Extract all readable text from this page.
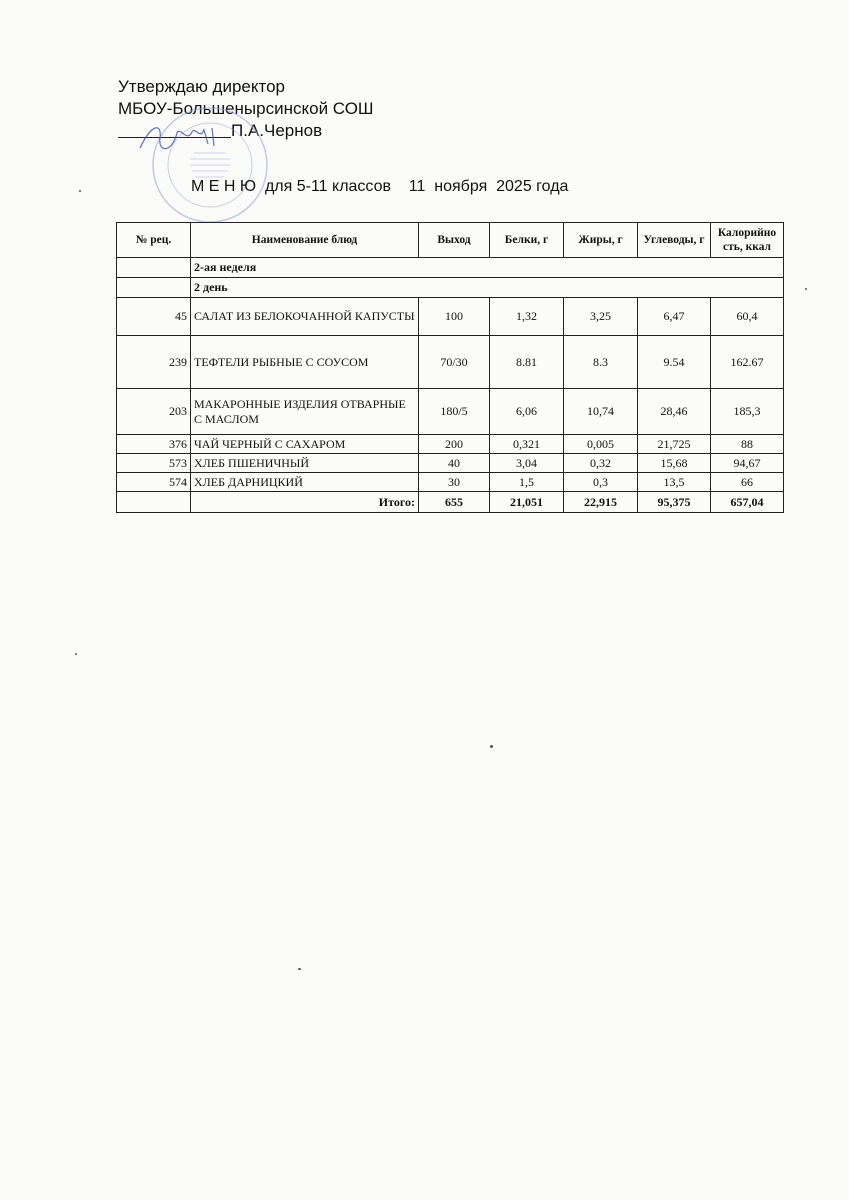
Утверждаю директор
МБОУ-Большенырсинской СОШ
П.А.Чернов
М Е Н Ю  для 5-11 классов    11  ноября  2025 года
№ рец.	Наименование блюд	Выход	Белки, г	Жиры, г	Углеводы, г	Калорийно сть, ккал
	2-ая неделя					
	2 день					
45	САЛАТ ИЗ БЕЛОКОЧАННОЙ КАПУСТЫ	100	1,32	3,25	6,47	60,4
239	ТЕФТЕЛИ РЫБНЫЕ С СОУСОМ	70/30	8.81	8.3	9.54	162.67
203	МАКАРОННЫЕ ИЗДЕЛИЯ ОТВАРНЫЕ С МАСЛОМ	180/5	6,06	10,74	28,46	185,3
376	ЧАЙ ЧЕРНЫЙ С САХАРОМ	200	0,321	0,005	21,725	88
573	ХЛЕБ ПШЕНИЧНЫЙ	40	3,04	0,32	15,68	94,67
574	ХЛЕБ ДАРНИЦКИЙ	30	1,5	0,3	13,5	66
	Итого:	655	21,051	22,915	95,375	657,04
